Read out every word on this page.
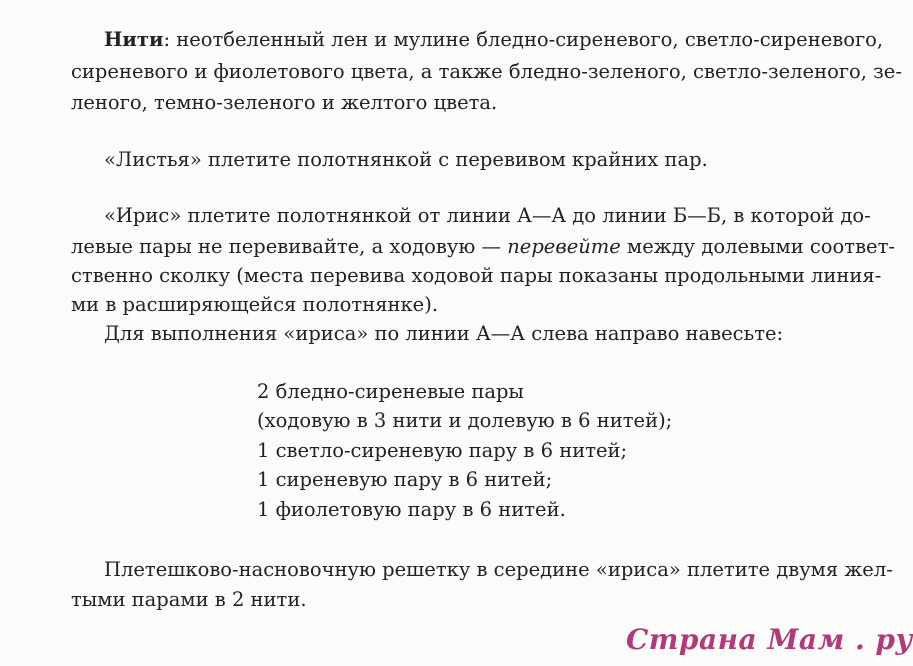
Нити: неотбеленный лен и мулине бледно-сиреневого, светло-сиреневого,
сиреневого и фиолетового цвета, а также бледно-зеленого, светло-зеленого, зе-
леного, темно-зеленого и желтого цвета.
«Листья» плетите полотнянкой с перевивом крайних пар.
«Ирис» плетите полотнянкой от линии А—А до линии Б—Б, в которой до-
левые пары не перевивайте, а ходовую — перевейте между долевыми соответ-
ственно сколку (места перевива ходовой пары показаны продольными линия-
ми в расширяющейся полотнянке).
Для выполнения «ириса» по линии А—А слева направо навесьте:
2 бледно-сиреневые пары
(ходовую в 3 нити и долевую в 6 нитей);
1 светло-сиреневую пару в 6 нитей;
1 сиреневую пару в 6 нитей;
1 фиолетовую пару в 6 нитей.
Плетешково-насновочную решетку в середине «ириса» плетите двумя жел-
тыми парами в 2 нити.
Страна Мам . ру
